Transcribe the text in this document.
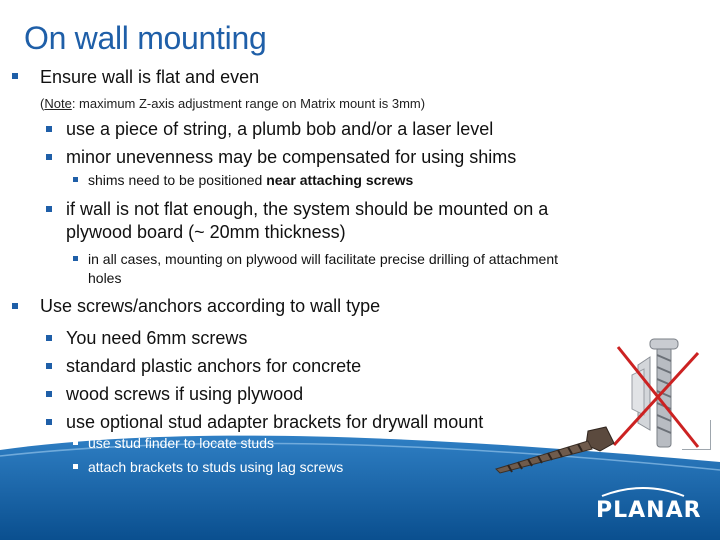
On wall mounting
Ensure wall is flat and even
(Note: maximum Z-axis adjustment range on Matrix mount is 3mm)
use a piece of string, a plumb bob and/or a laser level
minor unevenness may be compensated for using shims
shims need to be positioned near attaching screws
if wall is not flat enough, the system should be mounted on a
plywood board (~ 20mm thickness)
in all cases, mounting on plywood will facilitate precise drilling of attachment
holes
Use screws/anchors according to wall type
You need 6mm screws
standard plastic anchors for concrete
wood screws if using plywood
use optional stud adapter brackets for drywall mount
use stud finder to locate studs
attach brackets to studs using lag screws
PLANAR
